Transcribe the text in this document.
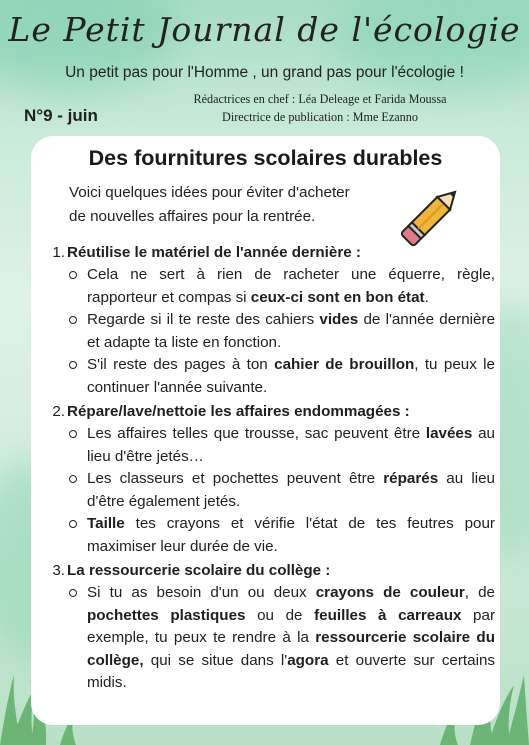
Le Petit Journal de l'écologie
Un petit pas pour l'Homme , un grand pas pour l'écologie !
N°9 - juin
Rédactrices en chef : Léa Deleage et Farida Moussa
Directrice de publication : Mme Ezanno
Des fournitures scolaires durables
Voici quelques idées pour éviter d'acheter
de nouvelles affaires pour la rentrée.
1. Réutilise le matériel de l'année dernière :
Cela ne sert à rien de racheter une équerre, règle, rapporteur et compas si ceux-ci sont en bon état.
Regarde si il te reste des cahiers vides de l'année dernière et adapte ta liste en fonction.
S'il reste des pages à ton cahier de brouillon, tu peux le continuer l'année suivante.
2. Répare/lave/nettoie les affaires endommagées :
Les affaires telles que trousse, sac peuvent être lavées au lieu d'être jetés…
Les classeurs et pochettes peuvent être réparés au lieu d'être également jetés.
Taille tes crayons et vérifie l'état de tes feutres pour maximiser leur durée de vie.
3. La ressourcerie scolaire du collège :
Si tu as besoin d'un ou deux crayons de couleur, de pochettes plastiques ou de feuilles à carreaux par exemple, tu peux te rendre à la ressourcerie scolaire du collège, qui se situe dans l'agora et ouverte sur certains midis.
